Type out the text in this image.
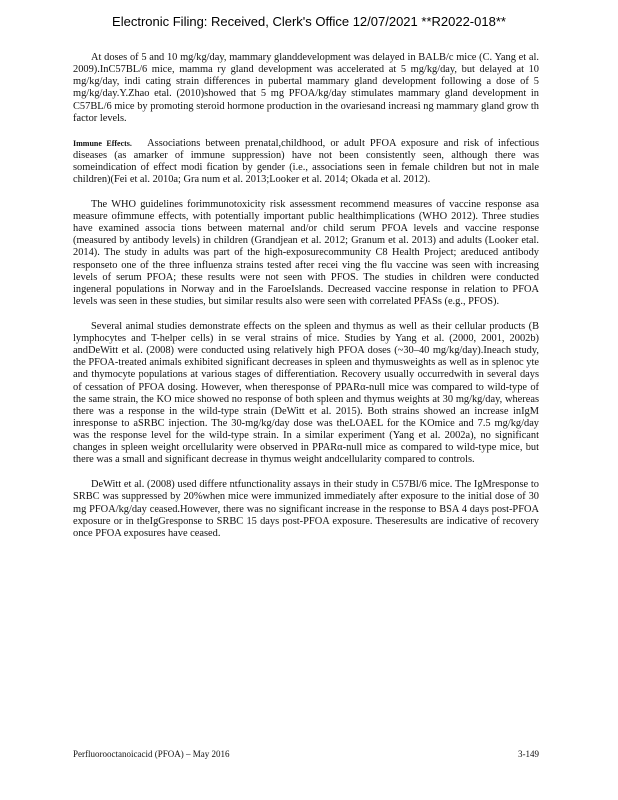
Electronic Filing: Received, Clerk's Office 12/07/2021 **R2022-018**

At doses of 5 and 10 mg/kg/day, mammary glanddevelopment was delayed in BALB/c mice (C. Yang et al. 2009).InC57BL/6 mice, mamma ry gland development was accelerated at 5 mg/kg/day, but delayed at 10 mg/kg/day, indi cating strain differences in pubertal mammary gland development following a dose of 5 mg/kg/day.Y.Zhao etal. (2010)showed that 5 mg PFOA/kg/day stimulates mammary gland development in C57BL/6 mice by promoting steroid hormone production in the ovariesand increasi ng mammary gland grow th factor levels.

Immune Effects. Associations between prenatal,childhood, or adult PFOA exposure and risk of infectious diseases (as amarker of immune suppression) have not been consistently seen, although there was someindication of effect modi fication by gender (i.e., associations seen in female children but not in male children)(Fei et al. 2010a; Gra num et al. 2013;Looker et al. 2014; Okada et al. 2012).

The WHO guidelines forimmunotoxicity risk assessment recommend measures of vaccine response asa measure ofimmune effects, with potentially important public healthimplications (WHO 2012). Three studies have examined associa tions between maternal and/or child serum PFOA levels and vaccine response (measured by antibody levels) in children (Grandjean et al. 2012; Granum et al. 2013) and adults (Looker etal. 2014). The study in adults was part of the high-exposurecommunity C8 Health Project; areduced antibody responseto one of the three influenza strains tested after recei ving the flu vaccine was seen with increasing levels of serum PFOA; these results were not seen with PFOS. The studies in children were conducted ingeneral populations in Norway and in the FaroeIslands. Decreased vaccine response in relation to PFOA levels was seen in these studies, but similar results also were seen with correlated PFASs (e.g., PFOS).

Several animal studies demonstrate effects on the spleen and thymus as well as their cellular products (B lymphocytes and T-helper cells) in se veral strains of mice. Studies by Yang et al. (2000, 2001, 2002b) andDeWitt et al. (2008) were conducted using relatively high PFOA doses (~30–40 mg/kg/day).Ineach study, the PFOA-treated animals exhibited significant decreases in spleen and thymusweights as well as in splenoc yte and thymocyte populations at various stages of differentiation. Recovery usually occurredwith in several days of cessation of PFOA dosing. However, when theresponse of PPARα-null mice was compared to wild-type of the same strain, the KO mice showed no response of both spleen and thymus weights at 30 mg/kg/day, whereas there was a response in the wild-type strain (DeWitt et al. 2015). Both strains showed an increase inIgM inresponse to aSRBC injection. The 30-mg/kg/day dose was theLOAEL for the KOmice and 7.5 mg/kg/day was the response level for the wild-type strain. In a similar experiment (Yang et al. 2002a), no significant changes in spleen weight orcellularity were observed in PPARα-null mice as compared to wild-type mice, but there was a small and significant decrease in thymus weight andcellularity compared to controls.

DeWitt et al. (2008) used differe ntfunctionality assays in their study in C57Bl/6 mice. The IgMresponse to SRBC was suppressed by 20%when mice were immunized immediately after exposure to the initial dose of 30 mg PFOA/kg/day ceased.However, there was no significant increase in the response to BSA 4 days post-PFOA exposure or in theIgGresponse to SRBC 15 days post-PFOA exposure. Theseresults are indicative of recovery once PFOA exposures have ceased.

Perfluorooctanoicacid (PFOA) – May 2016	3-149
